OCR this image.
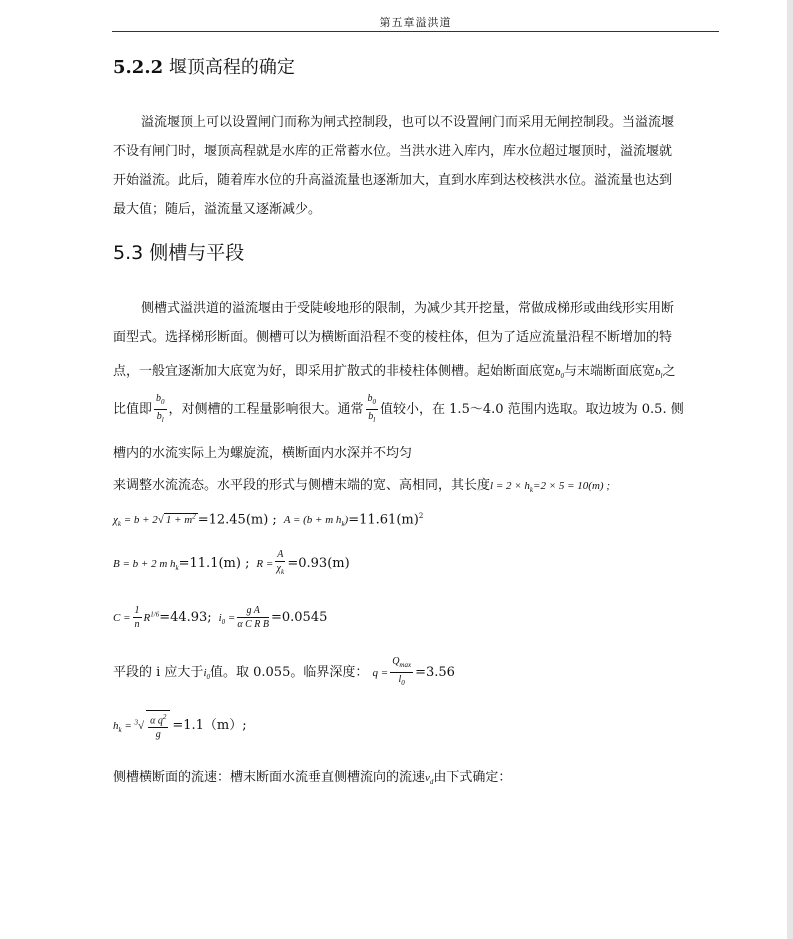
第五章溢洪道
5.2.2 堰顶高程的确定
溢流堰顶上可以设置闸门而称为闸式控制段，也可以不设置闸门而采用无闸控制段。当溢流堰
不设有闸门时，堰顶高程就是水库的正常蓄水位。当洪水进入库内，库水位超过堰顶时，溢流堰就
开始溢流。此后，随着库水位的升高溢流量也逐渐加大，直到水库到达校核洪水位。溢流量也达到
最大值；随后，溢流量又逐渐减少。
5.3 侧槽与平段
侧槽式溢洪道的溢流堰由于受陡峻地形的限制，为减少其开挖量，常做成梯形或曲线形实用断
面型式。选择梯形断面。侧槽可以为横断面沿程不变的棱柱体，但为了适应流量沿程不断增加的特
点，一般宜逐渐加大底宽为好，即采用扩散式的非棱柱体侧槽。起始断面底宽$b_0$与末端断面底宽$b_l$之
比值即 $\frac{b_0}{b_l}$ ，对侧槽的工程量影响很大。通常 $\frac{b_0}{b_l}$ 值较小，在 1.5～4.0 范围内选取。取边坡为 0.5. 侧
槽内的水流实际上为螺旋流，横断面内水深并不均匀
来调整水流流态。水平段的形式与侧槽末端的宽、高相同，其长度$l = 2 \times h_k=2 \times 5 = 10(m)$ ;
$\chi_k = b + 2√$ $1 + m^2 =12.45(m)$ ;  A = (b + m $h_k)=11.61(m)^2$
B = b + 2 m $h_k=11.1(m)$ ;  $R = \frac{A}{\chi_k} =0.93(m)$
$C = \frac{1}{n} R^{1/6}=44.93$;  $i_0 = \frac{\text{g A}}{\text{α C R B}} =0.0545$
平段的 i 应大于$i_0$值。取 0.055。临界深度： q =
$Q_{max}$
$l_0$
=3.56
$h_k = ^3√ \frac{\alpha q^2}{g} =1.1(m)$;
侧槽横断面的流速：槽末断面水流垂直侧槽流向的流速$v_d$由下式确定：
